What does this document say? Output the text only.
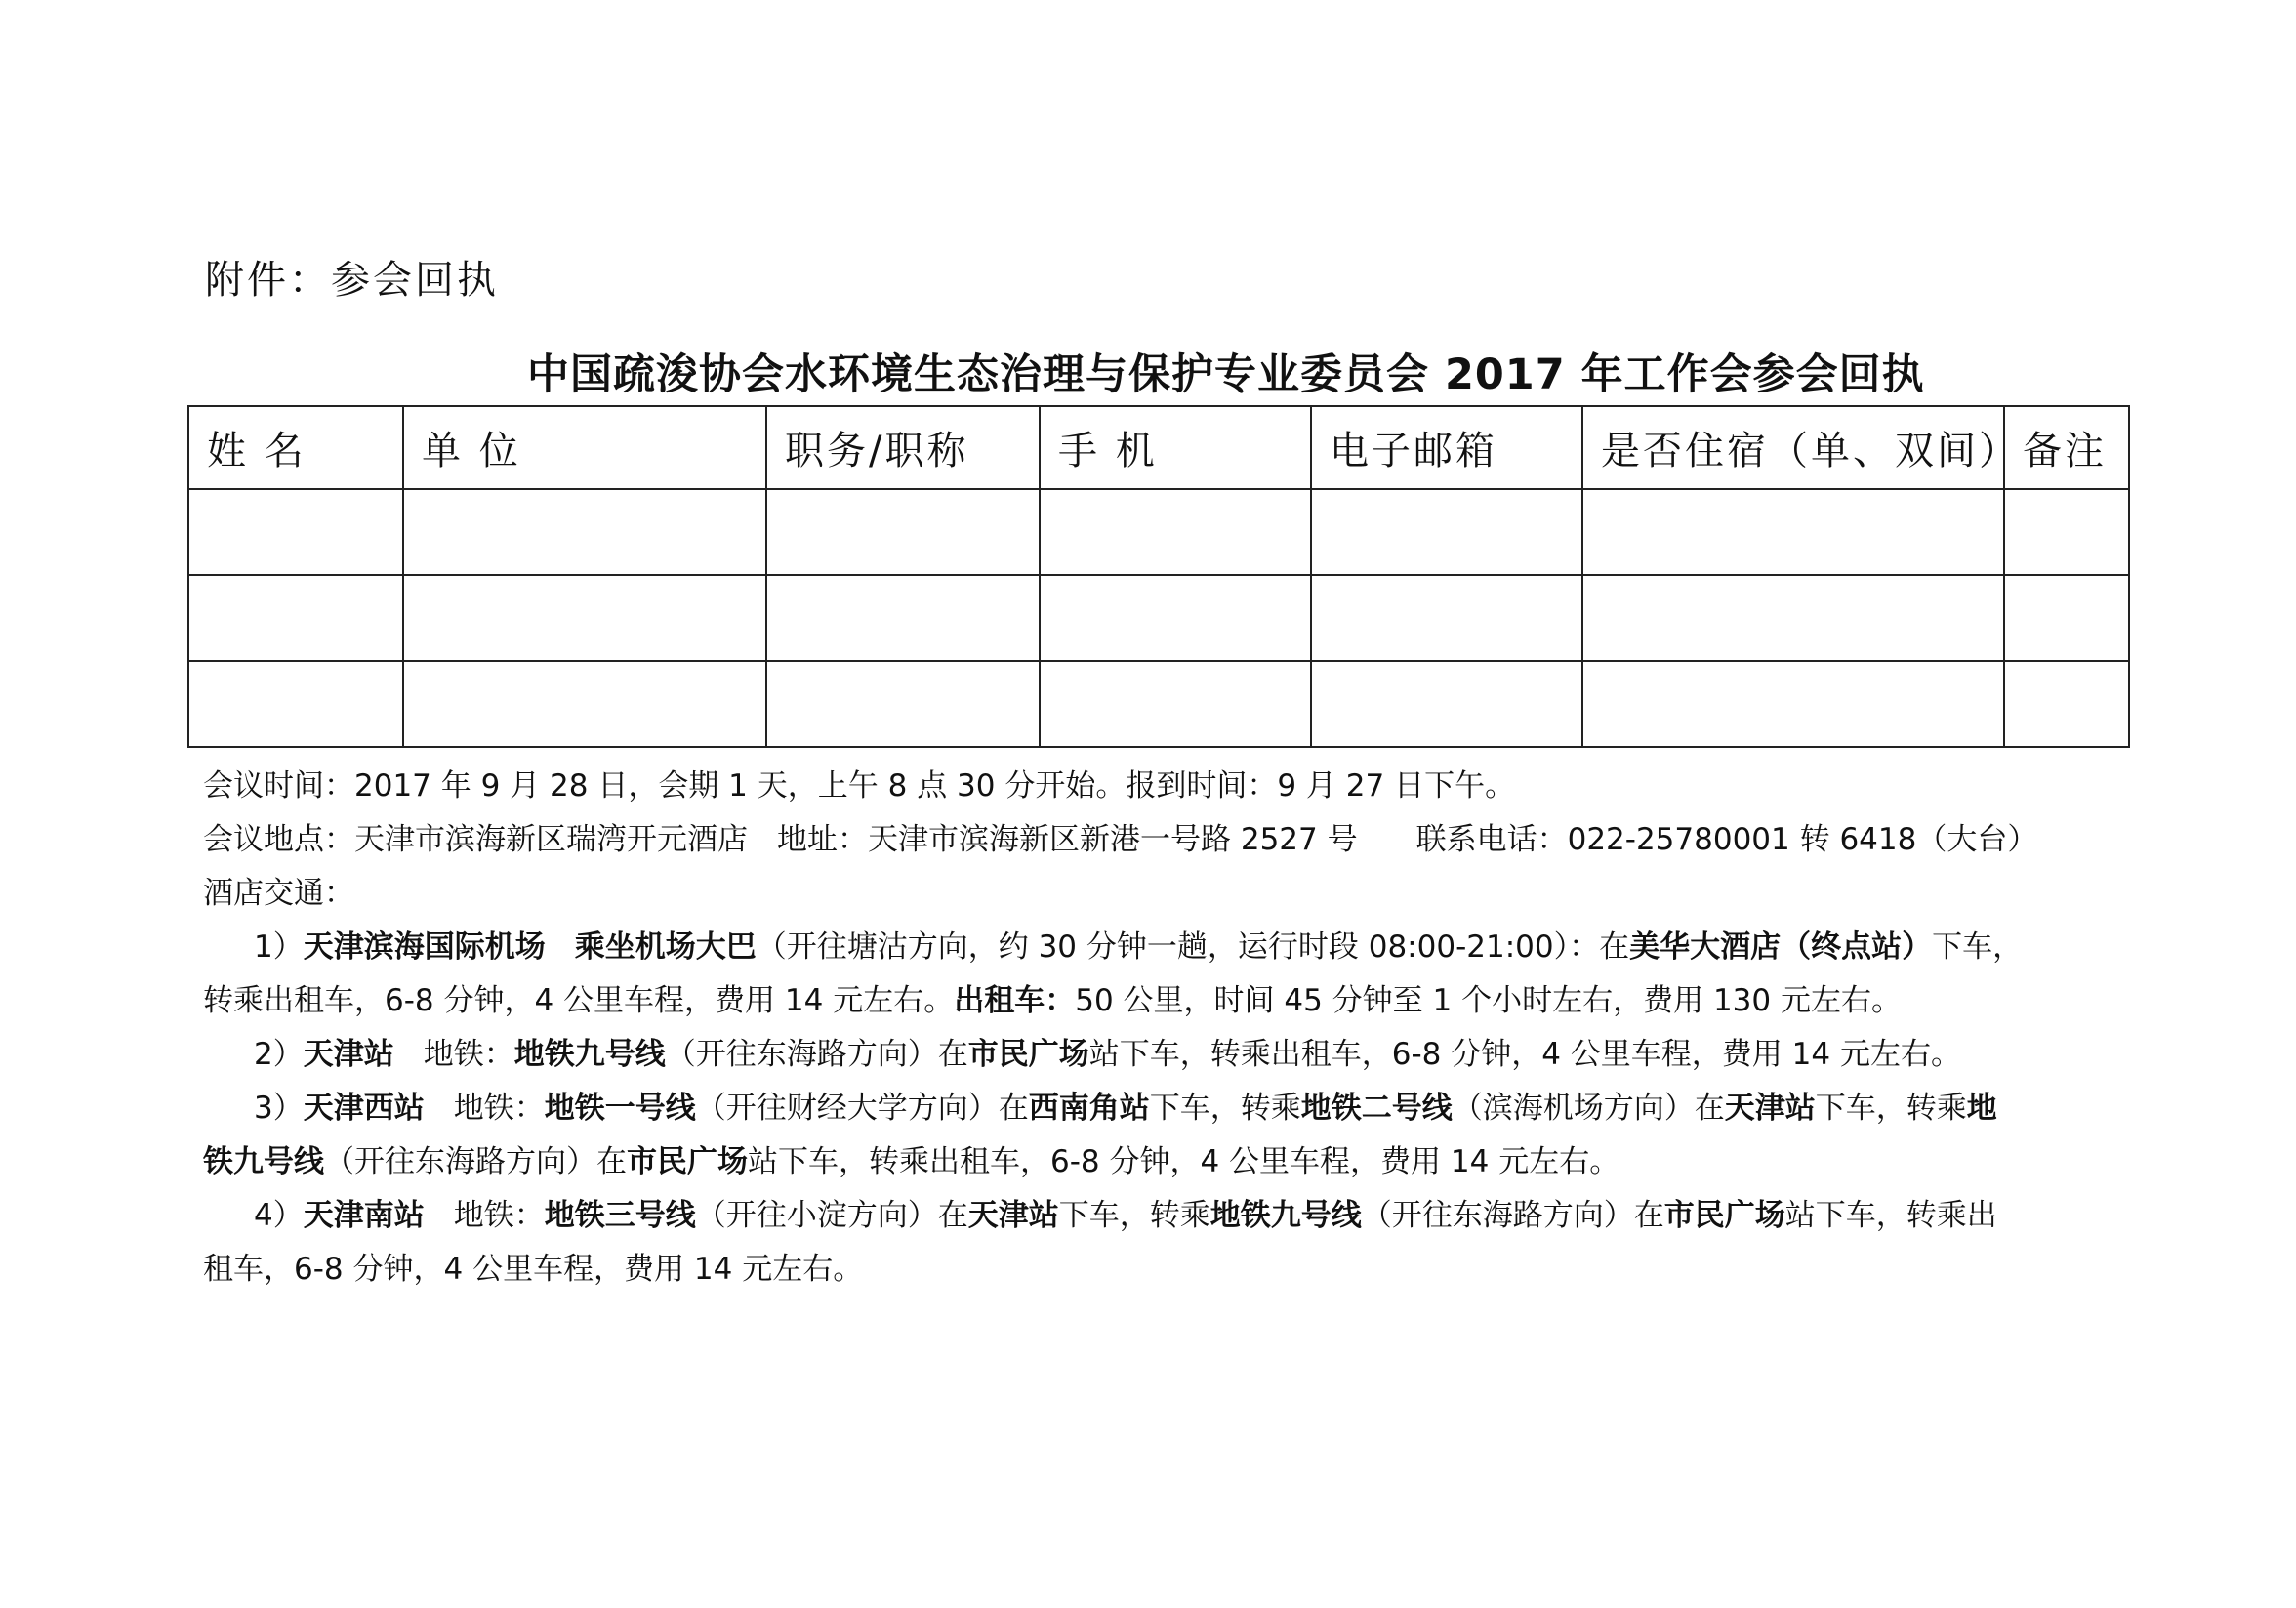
附件：参会回执
中国疏浚协会水环境生态治理与保护专业委员会 2017 年工作会参会回执
姓 名	单 位	职务/职称	手 机	电子邮箱	是否住宿（单、双间）	备注

会议时间：2017 年 9 月 28 日，会期 1 天，上午 8 点 30 分开始。报到时间：9 月 27 日下午。

会议地点：天津市滨海新区瑞湾开元酒店 地址：天津市滨海新区新港一号路 2527 号 联系电话：022-25780001 转 6418（大台）

酒店交通：

1）天津滨海国际机场 乘坐机场大巴（开往塘沽方向，约 30 分钟一趟，运行时段 08:00-21:00）：在美华大酒店（终点站）下车，

转乘出租车，6-8 分钟，4 公里车程，费用 14 元左右。出租车：50 公里，时间 45 分钟至 1 个小时左右，费用 130 元左右。

2）天津站 地铁：地铁九号线（开往东海路方向）在市民广场站下车，转乘出租车，6-8 分钟，4 公里车程，费用 14 元左右。

3）天津西站 地铁：地铁一号线（开往财经大学方向）在西南角站下车，转乘地铁二号线（滨海机场方向）在天津站下车，转乘地

铁九号线（开往东海路方向）在市民广场站下车，转乘出租车，6-8 分钟，4 公里车程，费用 14 元左右。

4）天津南站 地铁：地铁三号线（开往小淀方向）在天津站下车，转乘地铁九号线（开往东海路方向）在市民广场站下车，转乘出

租车，6-8 分钟，4 公里车程，费用 14 元左右。
